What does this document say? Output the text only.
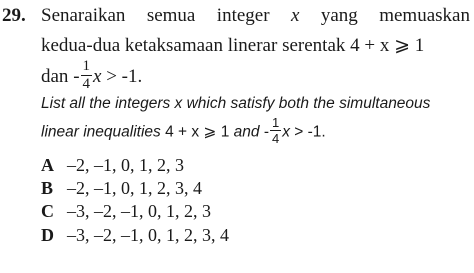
29. Senaraikan semua integer x yang memuaskan
kedua-dua ketaksamaan linerar serentak 4 + x ⩾ 1
dan - $\frac{1}{4}$ x > -1.
List all the integers x which satisfy both the simultaneous
linear inequalities 4 + x ⩾ 1 and - $\frac{1}{4}$ x > -1.
A –2, –1, 0, 1, 2, 3
B –2, –1, 0, 1, 2, 3, 4
C –3, –2, –1, 0, 1, 2, 3
D –3, –2, –1, 0, 1, 2, 3, 4
